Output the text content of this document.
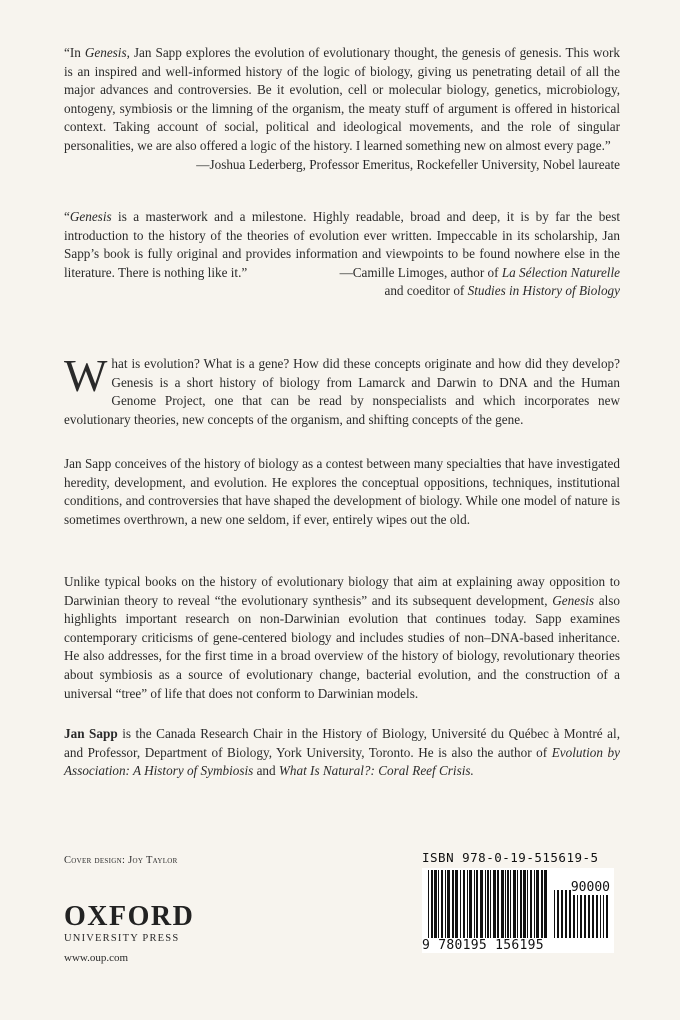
“In Genesis, Jan Sapp explores the evolution of evolutionary thought, the genesis of genesis. This work is an inspired and well-informed history of the logic of biology, giving us penetrating detail of all the major advances and controversies. Be it evolution, cell or molecular biology, genetics, microbiology, ontogeny, symbiosis or the limning of the organism, the meaty stuff of argument is offered in historical context. Taking account of social, political and ideological movements, and the role of singular personalities, we are also offered a logic of the history. I learned something new on almost every page.”
—Joshua Lederberg, Professor Emeritus, Rockefeller University, Nobel laureate
“Genesis is a masterwork and a milestone. Highly readable, broad and deep, it is by far the best introduction to the history of the theories of evolution ever written. Impeccable in its scholarship, Jan Sapp’s book is fully original and provides information and viewpoints to be found nowhere else in the literature. There is nothing like it.”	—Camille Limoges, author of La Sélection Naturelle
and coeditor of Studies in History of Biology

What is evolution? What is a gene? How did these concepts originate and how did they develop? Genesis is a short history of biology from Lamarck and Darwin to DNA and the Human Genome Project, one that can be read by nonspecialists and which incorporates new evolutionary theories, new concepts of the organism, and shifting concepts of the gene.

Jan Sapp conceives of the history of biology as a contest between many specialties that have investigated heredity, development, and evolution. He explores the conceptual oppositions, techniques, institutional conditions, and controversies that have shaped the development of biology. While one model of nature is sometimes overthrown, a new one seldom, if ever, entirely wipes out the old.

Unlike typical books on the history of evolutionary biology that aim at explaining away opposition to Darwinian theory to reveal “the evolutionary synthesis” and its subsequent development, Genesis also highlights important research on non-Darwinian evolution that continues today. Sapp examines contemporary criticisms of gene-centered biology and includes studies of non–DNA-based inheritance. He also addresses, for the first time in a broad overview of the history of biology, revolutionary theories about symbiosis as a source of evolutionary change, bacterial evolution, and the construction of a universal “tree” of life that does not conform to Darwinian models.

Jan Sapp is the Canada Research Chair in the History of Biology, Université du Québec à Montré al, and Professor, Department of Biology, York University, Toronto. He is also the author of Evolution by Association: A History of Symbiosis and What Is Natural?: Coral Reef Crisis.

Cover design: Joy Taylor
OXFORD
UNIVERSITY PRESS
www.oup.com
ISBN 978-0-19-515619-5
90000
9 780195 156195
